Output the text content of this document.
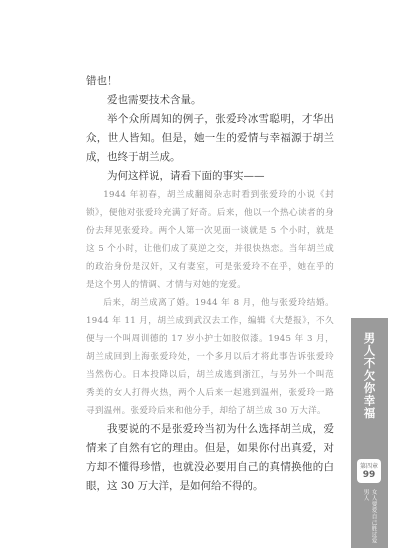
错也！

爱也需要技术含量。

举个众所周知的例子，张爱玲冰雪聪明，才华出众，世人皆知。但是，她一生的爱情与幸福源于胡兰成，也终于胡兰成。

为何这样说，请看下面的事实——

1944 年初春，胡兰成翻阅杂志时看到张爱玲的小说《封锁》，便他对张爱玲充满了好奇。后来，他以一个热心读者的身份去拜见张爱玲。两个人第一次见面一谈就是 5 个小时，就是这 5 个小时，让他们成了莫逆之交，并很快热恋。当年胡兰成的政治身份是汉奸，又有妻室，可是张爱玲不在乎，她在乎的是这个男人的情调、才情与对她的宠爱。

后来，胡兰成离了婚。1944 年 8 月，他与张爱玲结婚。1944 年 11 月，胡兰成到武汉去工作，编辑《大楚报》，不久便与一个叫周训德的 17 岁小护士如胶似漆。1945 年 3 月，胡兰成回到上海张爱玲处，一个多月以后才将此事告诉张爱玲当然伤心。日本投降以后，胡兰成逃到浙江，与另外一个叫范秀美的女人打得火热，两个人后来一起逃到温州，张爱玲一路寻到温州。张爱玲后来和他分手，却给了胡兰成 30 万大洋。

我要说的不是张爱玲当初为什么选择胡兰成，爱情来了自然有它的理由。但是，如果你付出真爱，对方却不懂得珍惜，也就没必要用自己的真情换他的白眼，这 30 万大洋，是如何给不得的。

男人不欠你幸福
第四章
99
女人要爱自己胜过爱男人
